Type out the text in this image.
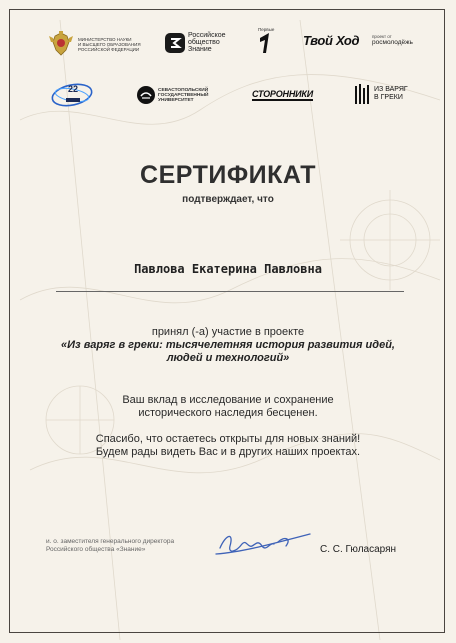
МИНИСТЕРСТВО НАУКИ
И ВЫСШЕГО ОБРАЗОВАНИЯ
РОССИЙСКОЙ ФЕДЕРАЦИИ
Российское
общество
Знание
Первые
Твой Ход	проект от
росмолодёжь
22	СЕВАСТОПОЛЬСКИЙ
ГОСУДАРСТВЕННЫЙ
УНИВЕРСИТЕТ
СТОРОННИКИ	ИЗ ВАРЯГ
В ГРЕКИ
СЕРТИФИКАТ
подтверждает, что
Павлова Екатерина Павловна
принял (-а) участие в проекте
«Из варяг в греки: тысячелетняя история развития идей,
людей и технологий»
Ваш вклад в исследование и сохранение
исторического наследия бесценен.
Спасибо, что остаетесь открыты для новых знаний!
Будем рады видеть Вас и в других наших проектах.
и. о. заместителя генерального директора
Российского общества «Знание»	С. С. Гюласарян
